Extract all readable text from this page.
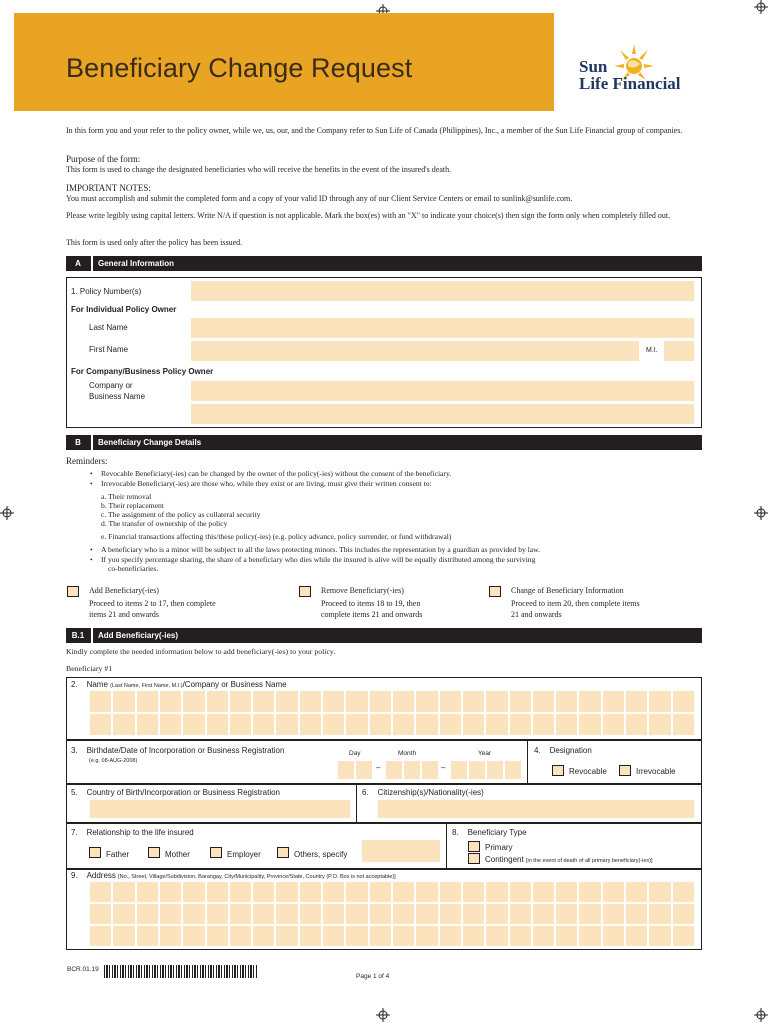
Beneficiary Change Request	Sun
Life Financial

In this form you and your refer to the policy owner, while we, us, our, and the Company refer to Sun Life of Canada (Philippines), Inc., a member of the Sun Life Financial group of companies.

Purpose of the form:

This form is used to change the designated beneficiaries who will receive the benefits in the event of the insured's death.

IMPORTANT NOTES:

You must accomplish and submit the completed form and a copy of your valid ID through any of our Client Service Centers or email to sunlink@sunlife.com.

Please write legibly using capital letters. Write N/A if question is not applicable. Mark the box(es) with an "X" to indicate your choice(s) then sign the form only when completely filled out.

This form is used only after the policy has been issued.

A	General Information
1. Policy Number(s)
For Individual Policy Owner
Last Name
First Name	M.I.
For Company/Business Policy Owner
Company or
Business Name
B	Beneficiary Change Details
Reminders:
• Revocable Beneficiary(-ies) can be changed by the owner of the policy(-ies) without the consent of the beneficiary.
• Irrevocable Beneficiary(-ies) are those who, while they exist or are living, must give their written consent to:
a. Their removal
b. Their replacement
c. The assignment of the policy as collateral security
d. The transfer of ownership of the policy
e. Financial transactions affecting this/these policy(-ies) (e.g. policy advance, policy surrender, or fund withdrawal)
• A beneficiary who is a minor will be subject to all the laws protecting minors. This includes the representation by a guardian as provided by law.
• If you specify percentage sharing, the share of a beneficiary who dies while the insured is alive will be equally distributed among the surviving
co-beneficiaries.
Add Beneficiary(-ies)
Proceed to items 2 to 17, then complete
items 21 and onwards
Remove Beneficiary(-ies)
Proceed to items 18 to 19, then
complete items 21 and onwards
Change of Beneficiary Information
Proceed to item 20, then complete items
21 and onwards
B.1	Add Beneficiary(-ies)
Kindly complete the needed information below to add beneficiary(-ies) to your policy.
Beneficiary #1
2. Name (Last Name, First Name, M.I.)/Company or Business Name
3. Birthdate/Date of Incorporation or Business Registration
(e.g. 08-AUG-2008)
Day	Month	Year
–	–
4. Designation
Revocable	Irrevocable
5. Country of Birth/Incorporation or Business Registration	6. Citizenship(s)/Nationality(-ies)
7. Relationship to the life insured
Father	Mother	Employer	Others, specify
8. Beneficiary Type
Primary
Contingent [in the event of death of all primary beneficiary(-ies)]
9. Address [No., Street, Village/Subdivision, Barangay, City/Municipality, Province/State, Country (P.O. Box is not acceptable)]
BCR.01.19
Page 1 of 4
